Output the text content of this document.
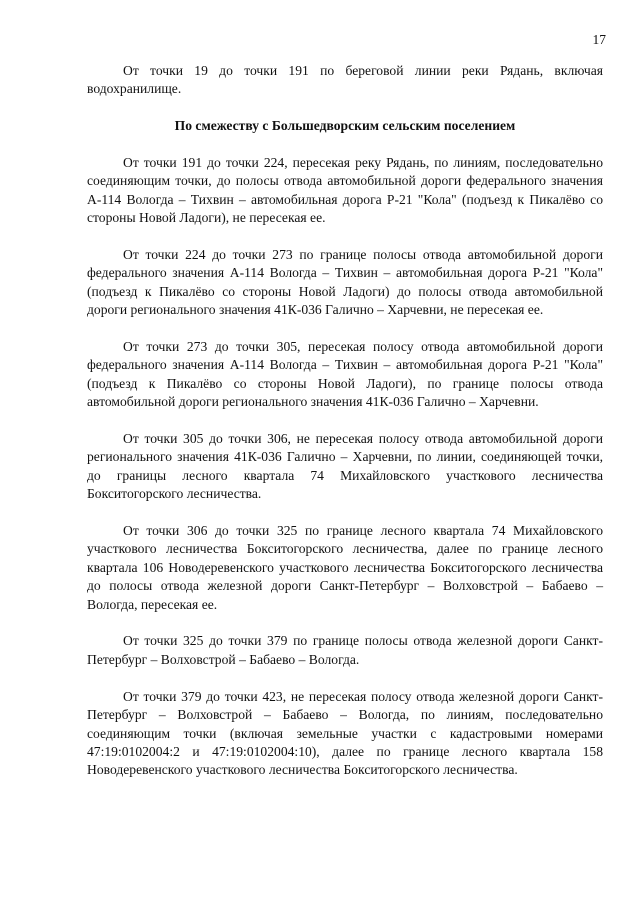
17

От точки 19 до точки 191 по береговой линии реки Рядань, включая водохранилище.

По смежеству с Большедворским сельским поселением

От точки 191 до точки 224, пересекая реку Рядань, по линиям, последовательно соединяющим точки, до полосы отвода автомобильной дороги федерального значения А-114 Вологда – Тихвин – автомобильная дорога Р-21 "Кола" (подъезд к Пикалёво со стороны Новой Ладоги), не пересекая ее.

От точки 224 до точки 273 по границе полосы отвода автомобильной дороги федерального значения А-114 Вологда – Тихвин – автомобильная дорога Р-21 "Кола" (подъезд к Пикалёво со стороны Новой Ладоги) до полосы отвода автомобильной дороги регионального значения 41К-036 Галично – Харчевни, не пересекая ее.

От точки 273 до точки 305, пересекая полосу отвода автомобильной дороги федерального значения А-114 Вологда – Тихвин – автомобильная дорога Р-21 "Кола" (подъезд к Пикалёво со стороны Новой Ладоги), по границе полосы отвода автомобильной дороги регионального значения 41К-036 Галично – Харчевни.

От точки 305 до точки 306, не пересекая полосу отвода автомобильной дороги регионального значения 41К-036 Галично – Харчевни, по линии, соединяющей точки, до границы лесного квартала 74 Михайловского участкового лесничества Бокситогорского лесничества.

От точки 306 до точки 325 по границе лесного квартала 74 Михайловского участкового лесничества Бокситогорского лесничества, далее по границе лесного квартала 106 Новодеревенского участкового лесничества Бокситогорского лесничества до полосы отвода железной дороги Санкт-Петербург – Волховстрой – Бабаево – Вологда, пересекая ее.

От точки 325 до точки 379 по границе полосы отвода железной дороги Санкт-Петербург – Волховстрой – Бабаево – Вологда.

От точки 379 до точки 423, не пересекая полосу отвода железной дороги Санкт-Петербург – Волховстрой – Бабаево – Вологда, по линиям, последовательно соединяющим точки (включая земельные участки с кадастровыми номерами 47:19:0102004:2 и 47:19:0102004:10), далее по границе лесного квартала 158 Новодеревенского участкового лесничества Бокситогорского лесничества.
